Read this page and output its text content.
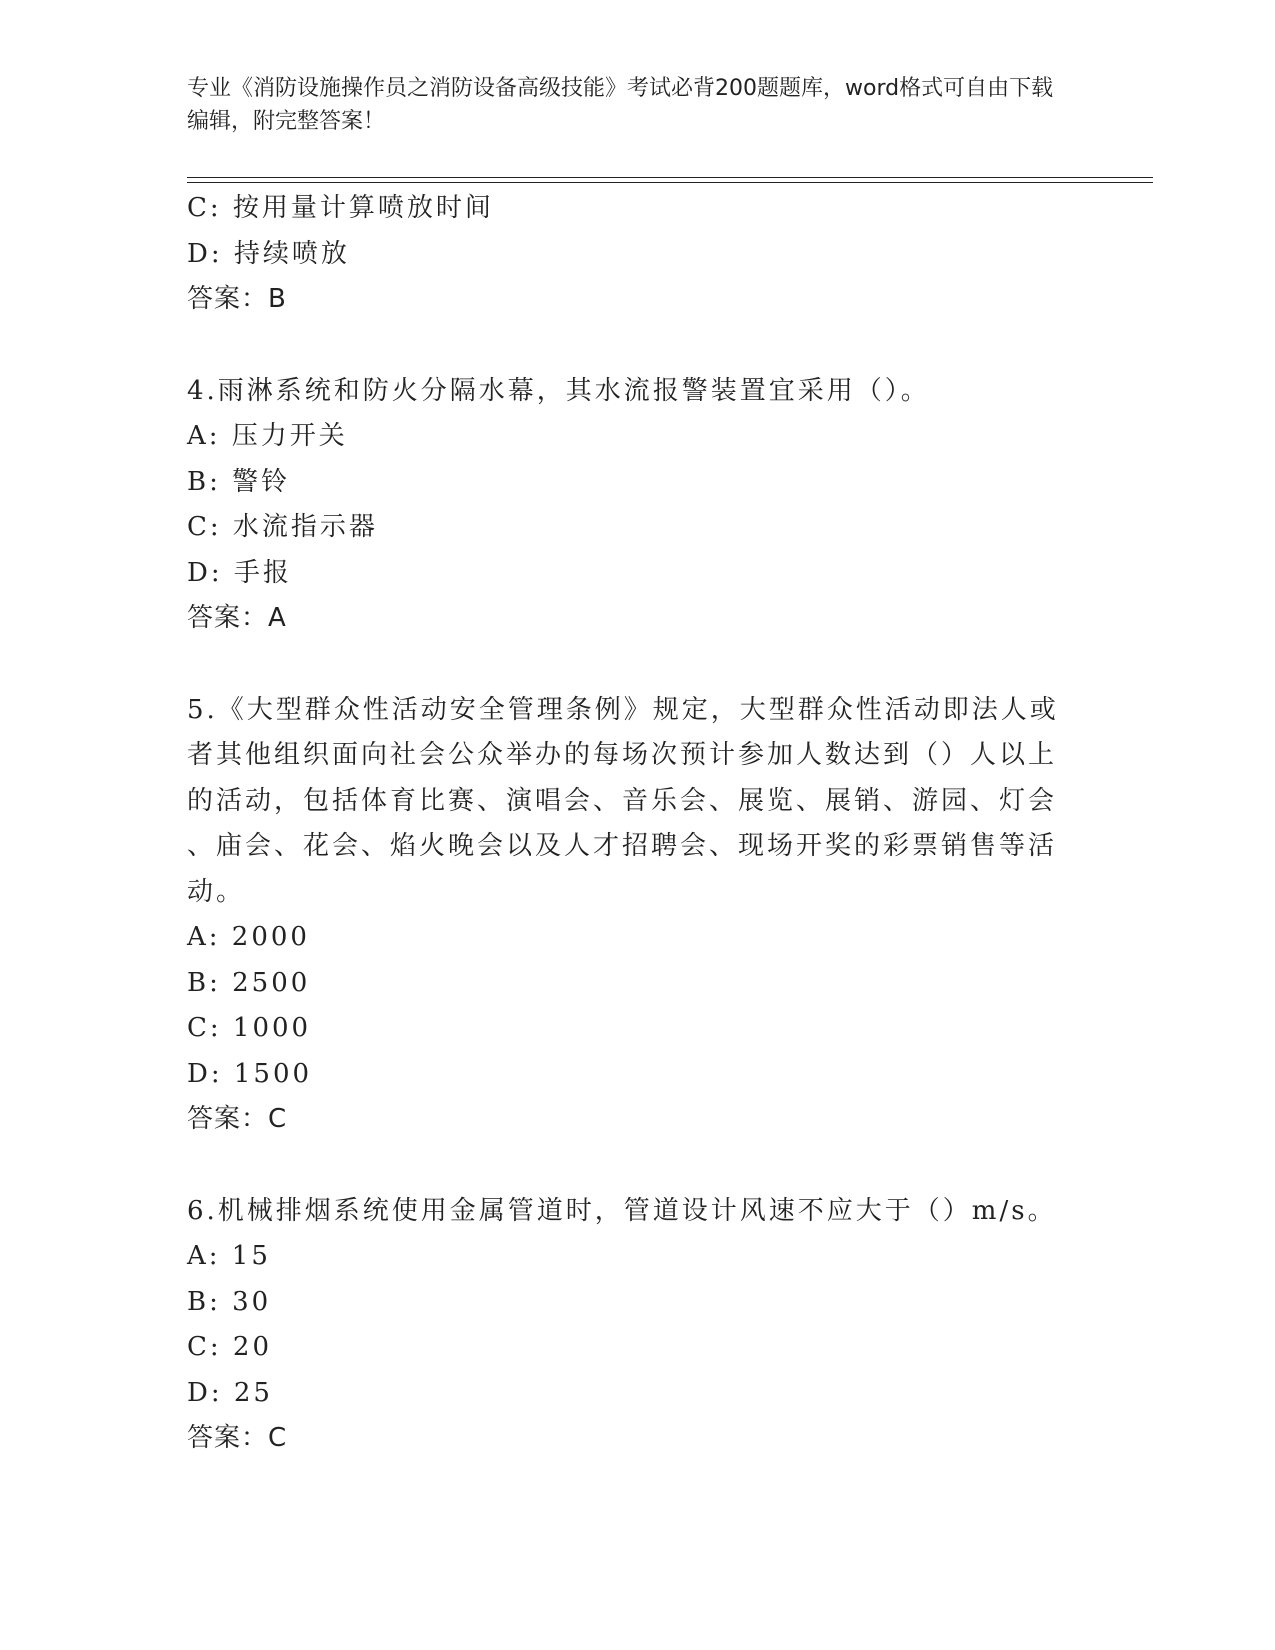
专业《消防设施操作员之消防设备高级技能》考试必背200题题库，word格式可自由下载编辑，附完整答案！
C: 按用量计算喷放时间
D: 持续喷放
答案：B
4.雨淋系统和防火分隔水幕，其水流报警装置宜采用（）。
A: 压力开关
B: 警铃
C: 水流指示器
D: 手报
答案：A
5.《大型群众性活动安全管理条例》规定，大型群众性活动即法人或
者其他组织面向社会公众举办的每场次预计参加人数达到（）人以上
的活动，包括体育比赛、演唱会、音乐会、展览、展销、游园、灯会
、庙会、花会、焰火晚会以及人才招聘会、现场开奖的彩票销售等活
动。
A: 2000
B: 2500
C: 1000
D: 1500
答案：C
6.机械排烟系统使用金属管道时，管道设计风速不应大于（）m/s。
A: 15
B: 30
C: 20
D: 25
答案：C
